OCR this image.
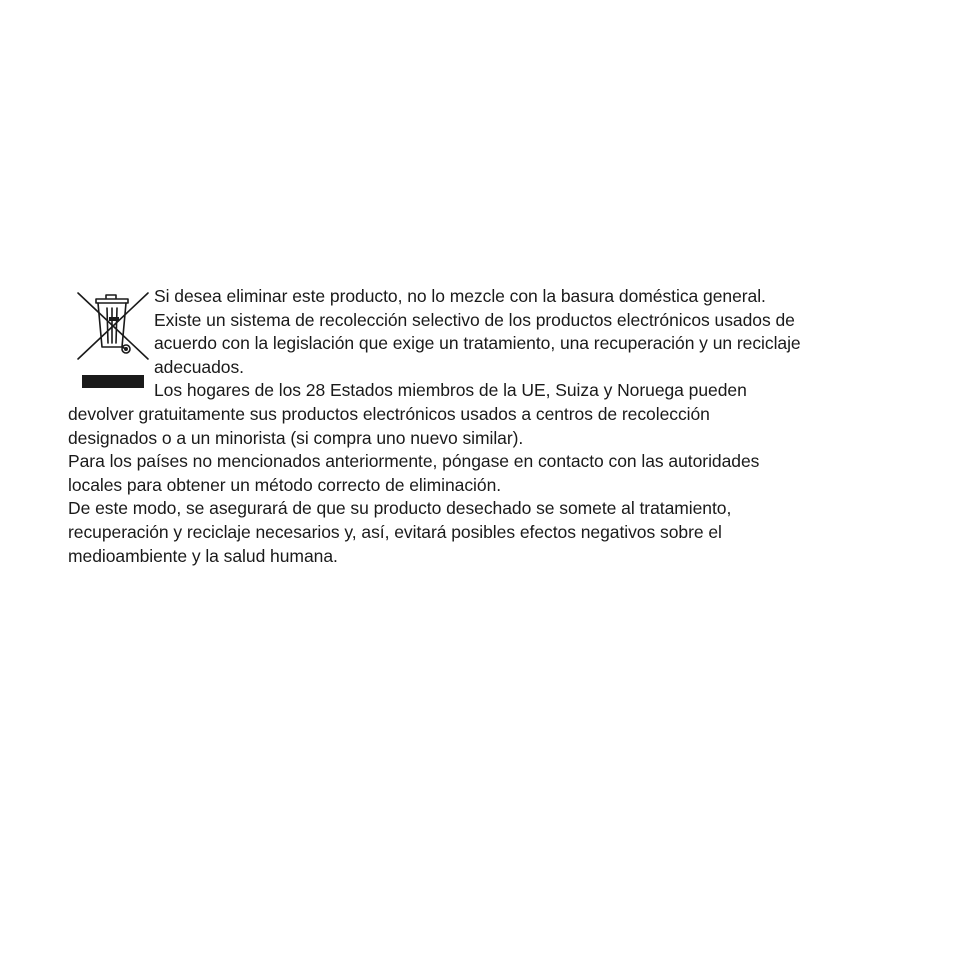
Si desea eliminar este producto, no lo mezcle con la basura doméstica general.
Existe un sistema de recolección selectivo de los productos electrónicos usados de
acuerdo con la legislación que exige un tratamiento, una recuperación y un reciclaje
adecuados.
Los hogares de los 28 Estados miembros de la UE, Suiza y Noruega pueden
devolver gratuitamente sus productos electrónicos usados a centros de recolección
designados o a un minorista (si compra uno nuevo similar).
Para los países no mencionados anteriormente, póngase en contacto con las autoridades
locales para obtener un método correcto de eliminación.
De este modo, se asegurará de que su producto desechado se somete al tratamiento,
recuperación y reciclaje necesarios y, así, evitará posibles efectos negativos sobre el
medioambiente y la salud humana.
